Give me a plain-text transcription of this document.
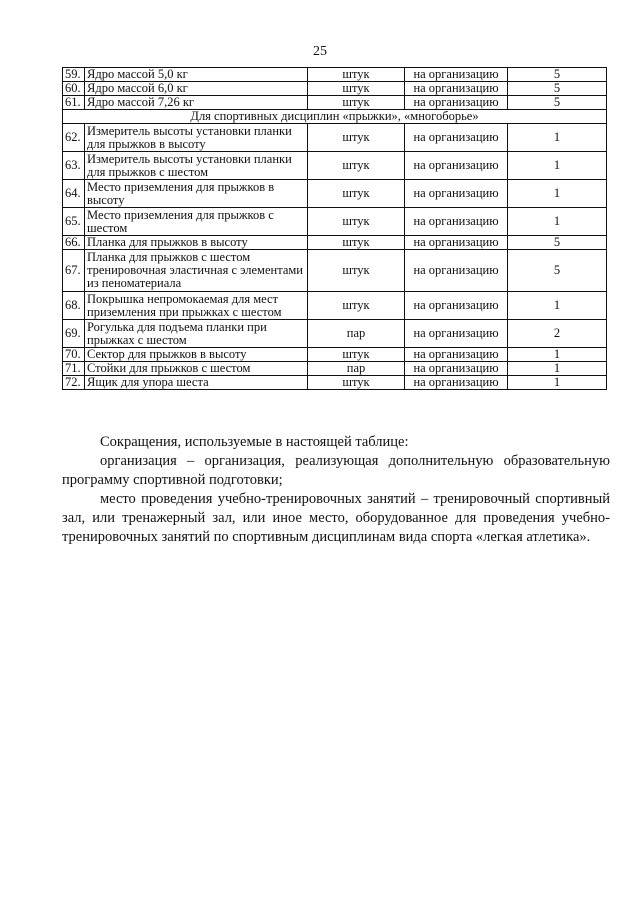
25
59.	Ядро массой 5,0 кг	штук	на организацию	5
60.	Ядро массой 6,0 кг	штук	на организацию	5
61.	Ядро массой 7,26 кг	штук	на организацию	5
Для спортивных дисциплин «прыжки», «многоборье»				
62.	Измеритель высоты установки планки для прыжков в высоту	штук	на организацию	1
63.	Измеритель высоты установки планки для прыжков с шестом	штук	на организацию	1
64.	Место приземления для прыжков в высоту	штук	на организацию	1
65.	Место приземления для прыжков с шестом	штук	на организацию	1
66.	Планка для прыжков в высоту	штук	на организацию	5
67.	Планка для прыжков с шестом тренировочная эластичная с элементами из пеноматериала	штук	на организацию	5
68.	Покрышка непромокаемая для мест приземления при прыжках с шестом	штук	на организацию	1
69.	Рогулька для подъема планки при прыжках с шестом	пар	на организацию	2
70.	Сектор для прыжков в высоту	штук	на организацию	1
71.	Стойки для прыжков с шестом	пар	на организацию	1
72.	Ящик для упора шеста	штук	на организацию	1

Сокращения, используемые в настоящей таблице:

организация – организация, реализующая дополнительную образовательную программу спортивной подготовки;

место проведения учебно-тренировочных занятий – тренировочный спортивный зал, или тренажерный зал, или иное место, оборудованное для проведения учебно-тренировочных занятий по спортивным дисциплинам вида спорта «легкая атлетика».
